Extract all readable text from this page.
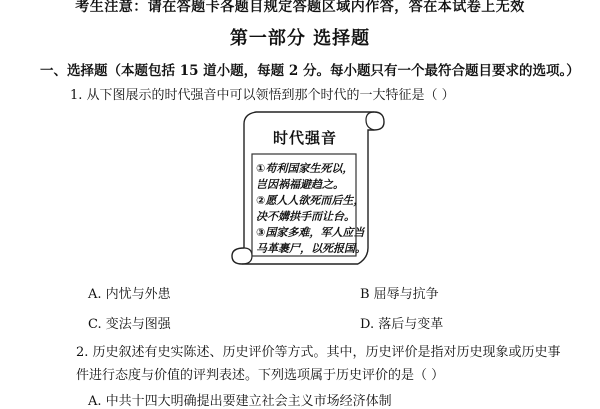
考生注意：请在答题卡各题目规定答题区域内作答，答在本试卷上无效
第一部分 选择题
一、选择题（本题包括 15 道小题，每题 2 分。每小题只有一个最符合题目要求的选项。）
1. 从下图展示的时代强音中可以领悟到那个时代的一大特征是（ ）
时代强音
①苟利国家生死以，
岂因祸福避趋之。
②愿人人欲死而后生，
决不媾拱手而让台。
③国家多难，军人应当
马革裹尸，以死报国。
A. 内忧与外患	B 屈辱与抗争
C. 变法与图强	D. 落后与变革
2. 历史叙述有史实陈述、历史评价等方式。其中，历史评价是指对历史现象或历史事
件进行态度与价值的评判表述。下列选项属于历史评价的是（ ）
A. 中共十四大明确提出要建立社会主义市场经济体制
